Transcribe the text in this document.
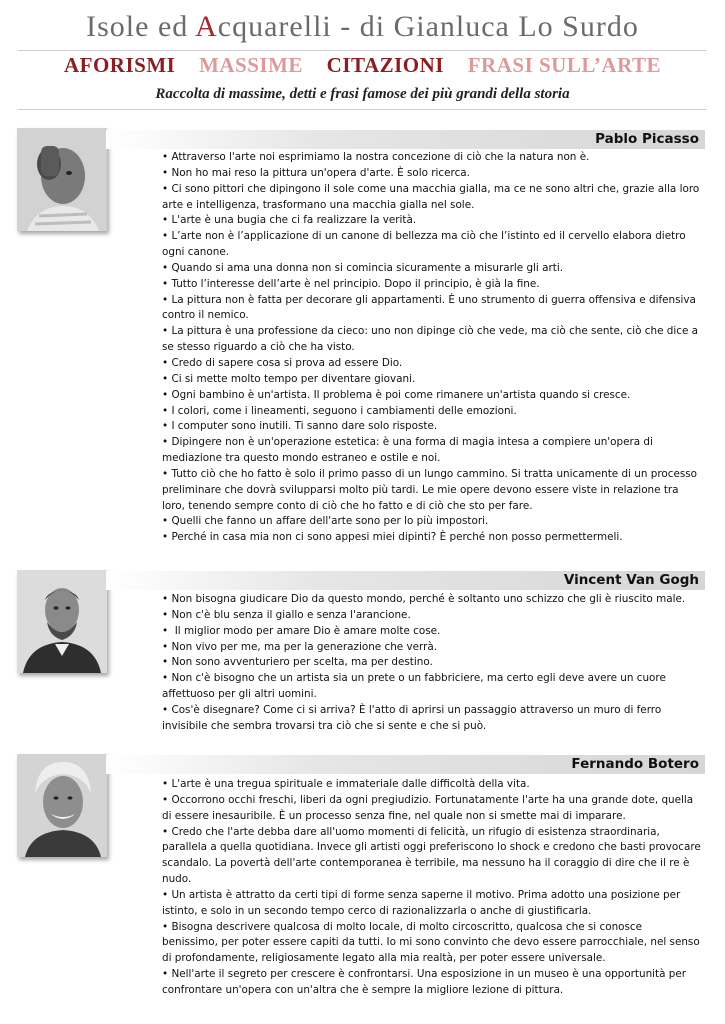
Isole ed Acquarelli - di Gianluca Lo Surdo
AFORISMI MASSIME CITAZIONI FRASI SULL’ARTE
Raccolta di massime, detti e frasi famose dei più grandi della storia
Pablo Picasso
• Attraverso l'arte noi esprimiamo la nostra concezione di ciò che la natura non è.
• Non ho mai reso la pittura un'opera d'arte. È solo ricerca.
• Ci sono pittori che dipingono il sole come una macchia gialla, ma ce ne sono altri che, grazie alla loro arte e intelligenza, trasformano una macchia gialla nel sole.
• L'arte è una bugia che ci fa realizzare la verità.
• L’arte non è l’applicazione di un canone di bellezza ma ciò che l’istinto ed il cervello elabora dietro ogni canone.
• Quando si ama una donna non si comincia sicuramente a misurarle gli arti.
• Tutto l’interesse dell’arte è nel principio. Dopo il principio, è già la fine.
• La pittura non è fatta per decorare gli appartamenti. È uno strumento di guerra offensiva e difensiva contro il nemico.
• La pittura è una professione da cieco: uno non dipinge ciò che vede, ma ciò che sente, ciò che dice a se stesso riguardo a ciò che ha visto.
• Credo di sapere cosa si prova ad essere Dio.
• Ci si mette molto tempo per diventare giovani.
• Ogni bambino è un'artista. Il problema è poi come rimanere un'artista quando si cresce.
• I colori, come i lineamenti, seguono i cambiamenti delle emozioni.
• I computer sono inutili. Ti sanno dare solo risposte.
• Dipingere non è un'operazione estetica: è una forma di magia intesa a compiere un'opera di mediazione tra questo mondo estraneo e ostile e noi.
• Tutto ciò che ho fatto è solo il primo passo di un lungo cammino. Si tratta unicamente di un processo preliminare che dovrà svilupparsi molto più tardi. Le mie opere devono essere viste in relazione tra loro, tenendo sempre conto di ciò che ho fatto e di ciò che sto per fare.
• Quelli che fanno un affare dell'arte sono per lo più impostori.
• Perché in casa mia non ci sono appesi miei dipinti? È perché non posso permettermeli.
Vincent Van Gogh
• Non bisogna giudicare Dio da questo mondo, perché è soltanto uno schizzo che gli è riuscito male.
• Non c'è blu senza il giallo e senza l'arancione.
•  Il miglior modo per amare Dio è amare molte cose.
• Non vivo per me, ma per la generazione che verrà.
• Non sono avventuriero per scelta, ma per destino.
• Non c'è bisogno che un artista sia un prete o un fabbriciere, ma certo egli deve avere un cuore affettuoso per gli altri uomini.
• Cos'è disegnare? Come ci si arriva? È l'atto di aprirsi un passaggio attraverso un muro di ferro invisibile che sembra trovarsi tra ciò che si sente e che si può.
Fernando Botero
• L'arte è una tregua spirituale e immateriale dalle difficoltà della vita.
• Occorrono occhi freschi, liberi da ogni pregiudizio. Fortunatamente l'arte ha una grande dote, quella di essere inesauribile. È un processo senza fine, nel quale non si smette mai di imparare.
• Credo che l'arte debba dare all'uomo momenti di felicità, un rifugio di esistenza straordinaria, parallela a quella quotidiana. Invece gli artisti oggi preferiscono lo shock e credono che basti provocare scandalo. La povertà dell'arte contemporanea è terribile, ma nessuno ha il coraggio di dire che il re è nudo.
• Un artista è attratto da certi tipi di forme senza saperne il motivo. Prima adotto una posizione per istinto, e solo in un secondo tempo cerco di razionalizzarla o anche di giustificarla.
• Bisogna descrivere qualcosa di molto locale, di molto circoscritto, qualcosa che si conosce benissimo, per poter essere capiti da tutti. Io mi sono convinto che devo essere parrocchiale, nel senso di profondamente, religiosamente legato alla mia realtà, per poter essere universale.
• Nell'arte il segreto per crescere è confrontarsi. Una esposizione in un museo è una opportunità per confrontare un'opera con un'altra che è sempre la migliore lezione di pittura.
